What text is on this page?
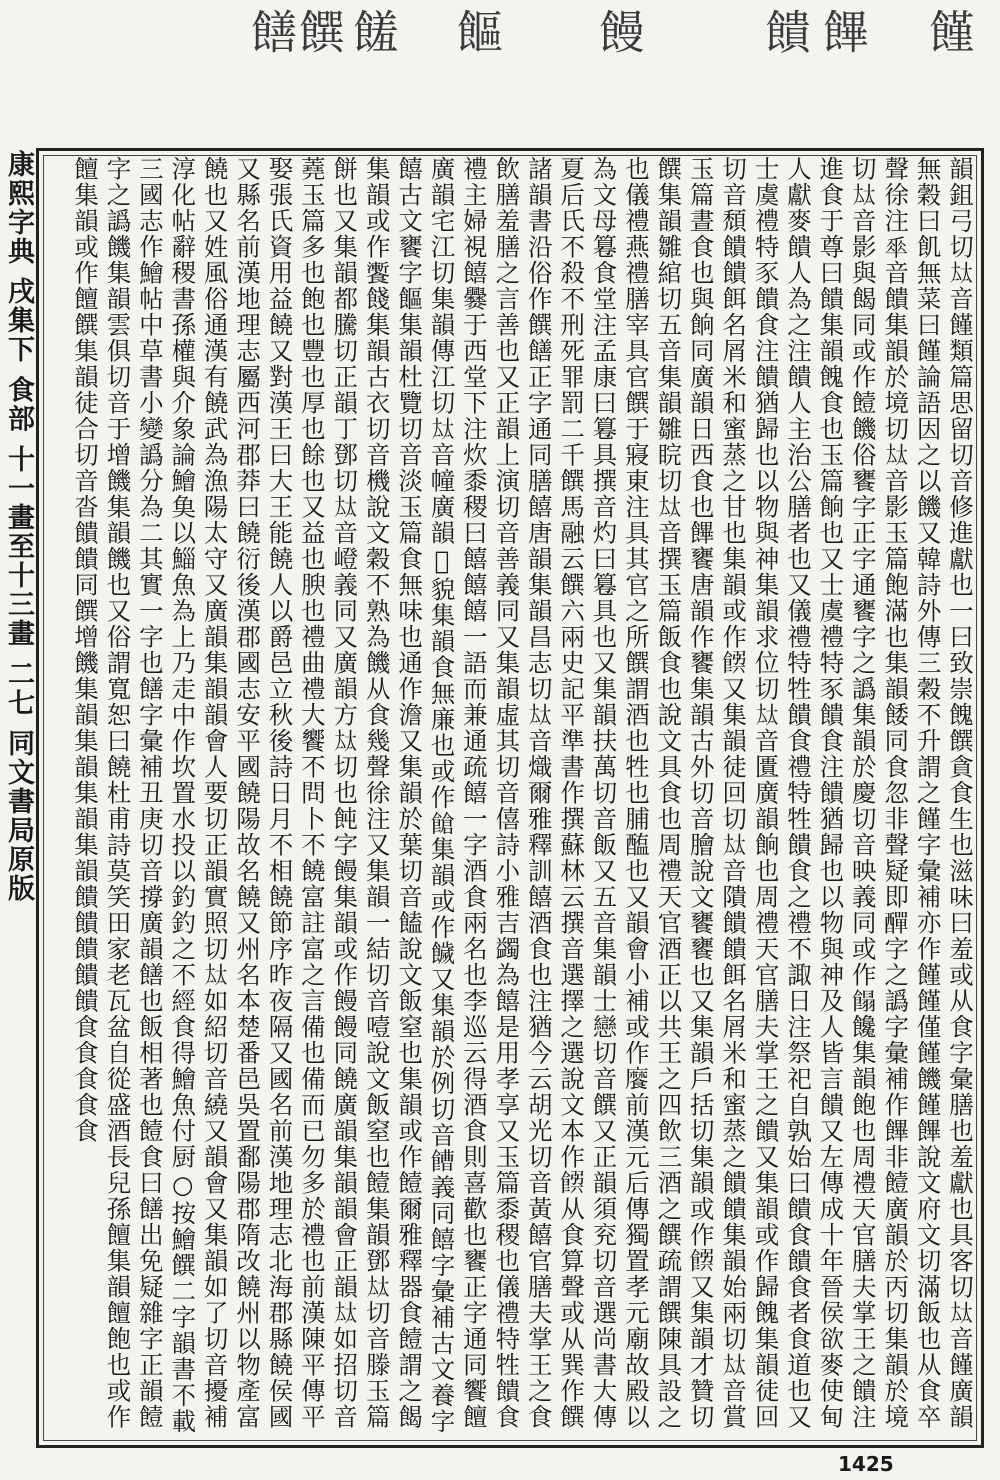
饉
饆
饋
饅
饇
饈
饌
饍
康熙字典 戌集下 食部 十一畫至十三畫 二七 同文書局原版	韻鉏弓切𡘋音饉類篇思留切音修進獻也一曰致崇餽饌貪食生也滋味曰羞或从食字彙膳也羞獻也具客切𡘋音饉廣韻無穀曰飢無菜曰饉論語因之以饑又韓詩外傳三穀不升謂之饉字彙補亦作饉饉僅饉饑饉饆說文府文切滿飯也从食卒聲徐注𠦬音饋集韻於境切𡘋音影玉篇飽滿也集韻餧同食忽非聲疑即𨢿字之譌字彙補作饆非饐廣韻於丙切集韻於境切𡘋音影與餲同或作饐饑俗饔字正字通饔字之譌集韻於慶切音映義同或作𩝣饞集韻飽也周禮天官膳夫掌王之饋注進食于尊曰饋集韻餽食也玉篇餉也又士虞禮特豕饋食注饋猶歸也以物與神及人皆言饋又左傳成十年晉侯欲麥使甸人獻麥饋人為之注饋人主治公膳者也又儀禮特牲饋食禮特牲饋食之禮不諏日注祭祀自孰始曰饋食饋食者食道也又士虞禮特豕饋食注饋猶歸也以物與神集韻求位切𡘋音匱廣韻餉也周禮天官膳夫掌王之饋又集韻或作歸餽集韻徒回切音頹饋饋餌名屑米和蜜蒸之甘也集韻或作𩜹又集韻徒回切𡘋音隤饋饋餌名屑米和蜜蒸之饋饋集韻始兩切𡘋音賞玉篇晝食也與餉同廣韻日西食也饆饔唐韻作饔集韻古外切音膾說文饔饔也又集韻戶括切集韻或作𩜹又集韻才贊切饌集韻雛綰切五音集韻雛睆切𡘋音撰玉篇飯食也說文具食也周禮天官酒正以共王之四飲三酒之饌疏謂饌陳具設之也儀禮燕禮膳宰具官饌于寢東注具其官之所饌謂酒也牲也脯醢也又韻會小補或作𩞁前漢元后傳獨置孝元廟故殿以為文母篹食堂注孟康曰篹具撰音灼曰篹具也又集韻扶萬切音飯又五音集韻士戀切音饌又正韻須兖切音選尚書大傳夏后氏不殺不刑死罪罰二千饌馬融云饌六兩史記平準書作撰蘇林云撰音選擇之選說文本作𩜹从食算聲或从巽作饌諸韻書沿俗作饌饍正字通同膳饎唐韻集韻昌志切𡘋音熾爾雅釋訓饎酒食也注猶今云胡光切音黃饎官膳夫掌王之食飲膳羞膳之言善也又正韻上演切音善義同又集韻虛其切音僖詩小雅吉蠲為饎是用孝享又玉篇黍稷也儀禮特牲饋食禮主婦視饎爨于西堂下注炊黍稷曰饎饎饎一語而兼通疏饎一字酒食兩名也李巡云得酒食則喜歡也饔正字通同饗饘廣韻宅江切集韻傳江切𡘋音幢廣韻𠴁貌集韻食無廉也或作𩝞集韻或作饖又集韻於例切音𩞄義同饎字彙補古文養字饎古文饔字饇集韻杜覽切音淡玉篇食無味也通作澹又集韻於葉切音饁說文飯窒也集韻或作饐爾雅釋器食饐謂之餲集韻或作𩟗餞集韻古衣切音機說文穀不熟為饑从食幾聲徐注又集韻一結切音噎說文飯窒也饐集韻鄧𡘋切音滕玉篇餅也又集韻都騰切正韻丁鄧切𡘋音嶝義同又廣韻方𡘋切也飩字饅集韻或作饅饅同饒廣韻集韻韻會正韻𡘋如招切音蕘玉篇多也飽也豐也厚也餘也又益也腴也禮曲禮大饗不問卜不饒富註富之言備也備而已勿多於禮也前漢陳平傳平娶張氏資用益饒又對漢王曰大王能饒人以爵邑立秋後詩日月不相饒節序昨夜隔又國名前漢地理志北海郡縣饒侯國又縣名前漢地理志屬西河郡莽曰饒衍後漢郡國志安平國饒陽故名饒又州名本楚番邑吳置鄱陽郡隋改饒州以物產富饒也又姓風俗通漢有饒武為漁陽太守又廣韻集韻韻會人要切正韻實照切𡘋如紹切音繞又韻會又集韻如了切音擾補淳化帖辭稷書孫權與介象論鱠𩵋以鯔魚為上乃走中作坎置水投以釣釣之不經食得鱠魚付厨○按鱠饌二字韻書不載三國志作鱠帖中草書小變譌分為二其實一字也饍字彙補丑庚切音撐廣韻饍也飯相著也饐食曰饍出免疑雜字正韻饐字之譌饑集韻雲俱切音于增饑集韻饑也又俗謂寬恕曰饒杜甫詩莫笑田家老瓦盆自從盛酒長兒孫饘集韻饘飽也或作饘集韻或作饘饌集韻徒合切音沓饋饋同饌增饑集韻集韻集韻集韻饋饋饋饋饋食食食食食

1425
